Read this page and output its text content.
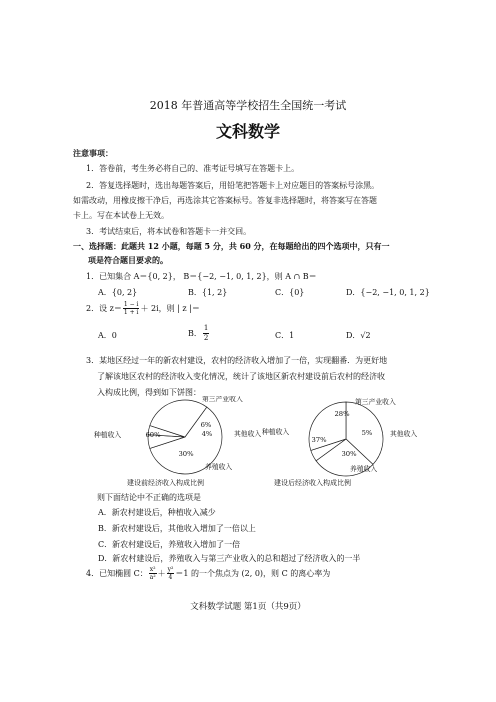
2018 年普通高等学校招生全国统一考试
文科数学
注意事项：
1．答卷前，考生务必将自己的、准考证号填写在答题卡上。
2．答复选择题时，选出每题答案后，用铅笔把答题卡上对应题目的答案标号涂黑。
如需改动，用橡皮擦干净后，再选涂其它答案标号。答复非选择题时，将答案写在答题
卡上。写在本试卷上无效。
3．考试结束后，将本试卷和答题卡一并交回。
一、选择题：此题共 12 小题，每题 5 分，共 60 分，在每题给出的四个选项中，只有一
项是符合题目要求的。
1．已知集合 A＝{0, 2}， B＝{−2, −1, 0, 1, 2}，则 A ∩ B＝
A．{0, 2}	B．{1, 2}	C．{0}	D．{−2, −1, 0, 1, 2}
2．设 $z= \frac{1 - i}{1 + i} + 2i$，则 | z |＝
A．0	B． $\frac{1}{2}$	C．1	D．√2
3．某地区经过一年的新农村建设，农村的经济收入增加了一倍，实现翻番．为更好地
了解该地区农村的经济收入变化情况，统计了该地区新农村建设前后农村的经济收
入构成比例，得到如下饼图：
种植收入
第三产业收入
其他收入
养殖收入
60%
6%
4%
30%
种植收入
第三产业收入
其他收入
养殖收入
37%
28%
5%
30%
建设前经济收入构成比例	建设后经济收入构成比例
则下面结论中不正确的选项是
A．新农村建设后，种植收入减少
B．新农村建设后，其他收入增加了一倍以上
C．新农村建设后，养殖收入增加了一倍
D．新农村建设后，养殖收入与第三产业收入的总和超过了经济收入的一半
4．已知椭圆 C： $\frac{\text{x²}}{\text{a²}} + \frac{\text{y²}}{4} =1$ 的一个焦点为 (2, 0)，则 C 的离心率为
文科数学试题 第1页（共9页）
